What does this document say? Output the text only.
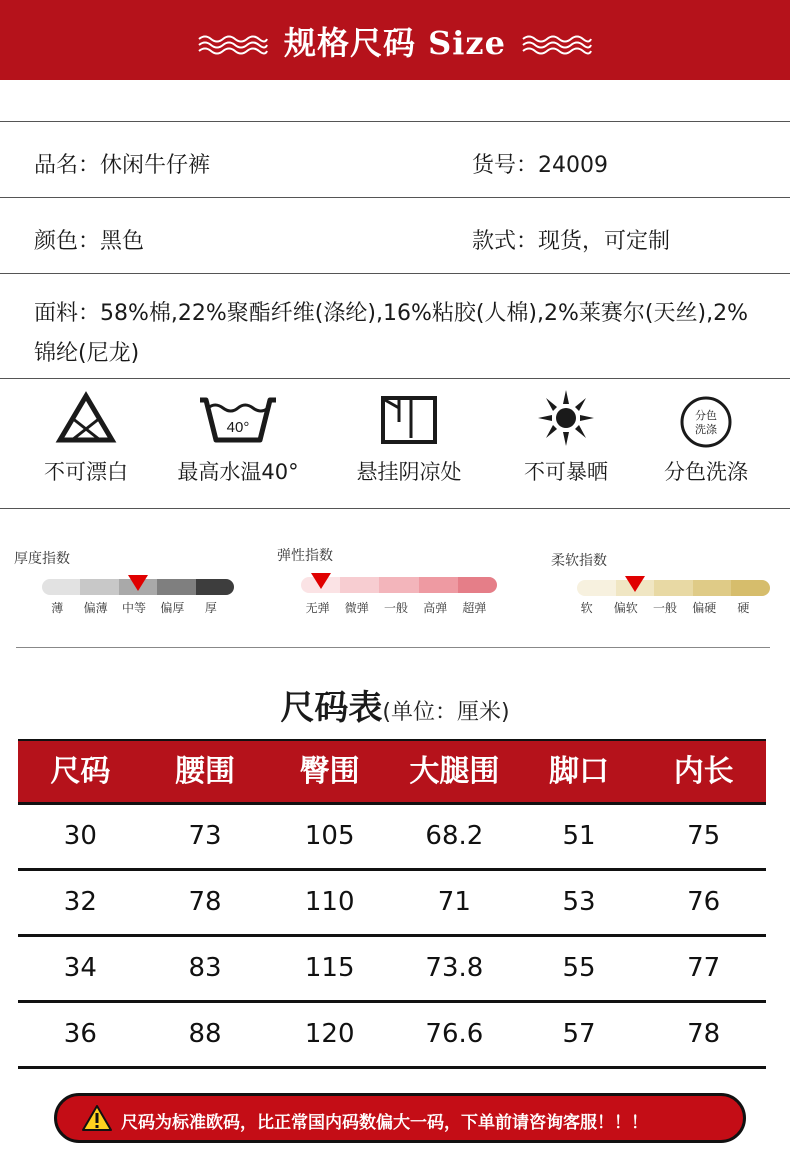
规格尺码 Size
品名：休闲牛仔裤	货号：24009
颜色：黑色	款式：现货，可定制
面料：58%棉,22%聚酯纤维(涤纶),16%粘胶(人棉),2%莱赛尔(天丝),2%锦纶(尼龙)
不可漂白
40°
最高水温40°	悬挂阴凉处	不可暴晒
分色
洗涤
分色洗涤
厚度指数
薄	偏薄	中等	偏厚	厚
弹性指数
无弹	微弹	一般	高弹	超弹
柔软指数
软	偏软	一般	偏硬	硬
尺码表(单位：厘米)
尺码	腰围	臀围	大腿围	脚口	内长
30	73	105	68.2	51	75
32	78	110	71	53	76
34	83	115	73.8	55	77
36	88	120	76.6	57	78
尺码为标准欧码，比正常国内码数偏大一码，下单前请咨询客服！！！
